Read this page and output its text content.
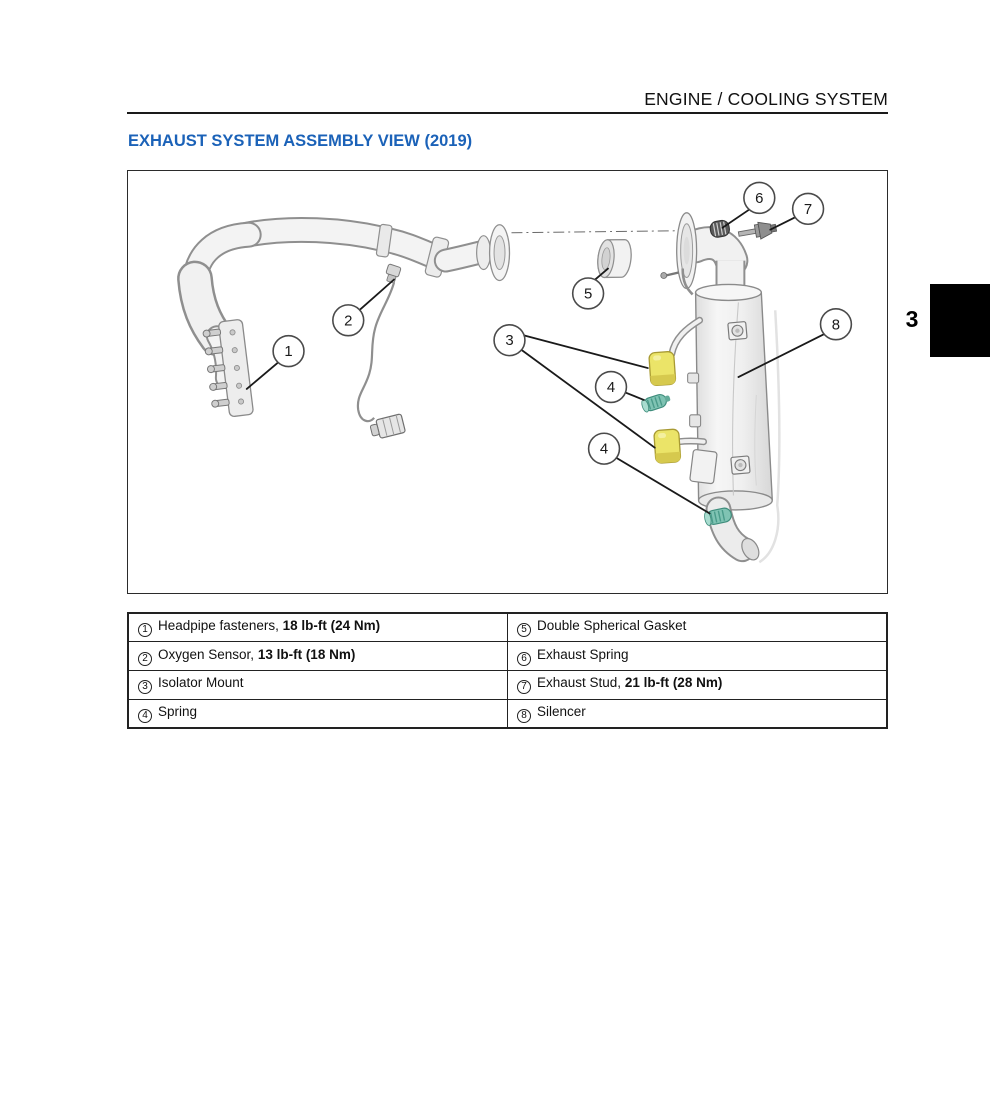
ENGINE / COOLING SYSTEM
EXHAUST SYSTEM ASSEMBLY VIEW (2019)
3
1
2
3
4
4
5
6
7
8
1 Headpipe fasteners, 18 lb-ft (24 Nm)	5 Double Spherical Gasket
2 Oxygen Sensor, 13 lb-ft (18 Nm)	6 Exhaust Spring
3 Isolator Mount	7 Exhaust Stud, 21 lb-ft (28 Nm)
4 Spring	8 Silencer
